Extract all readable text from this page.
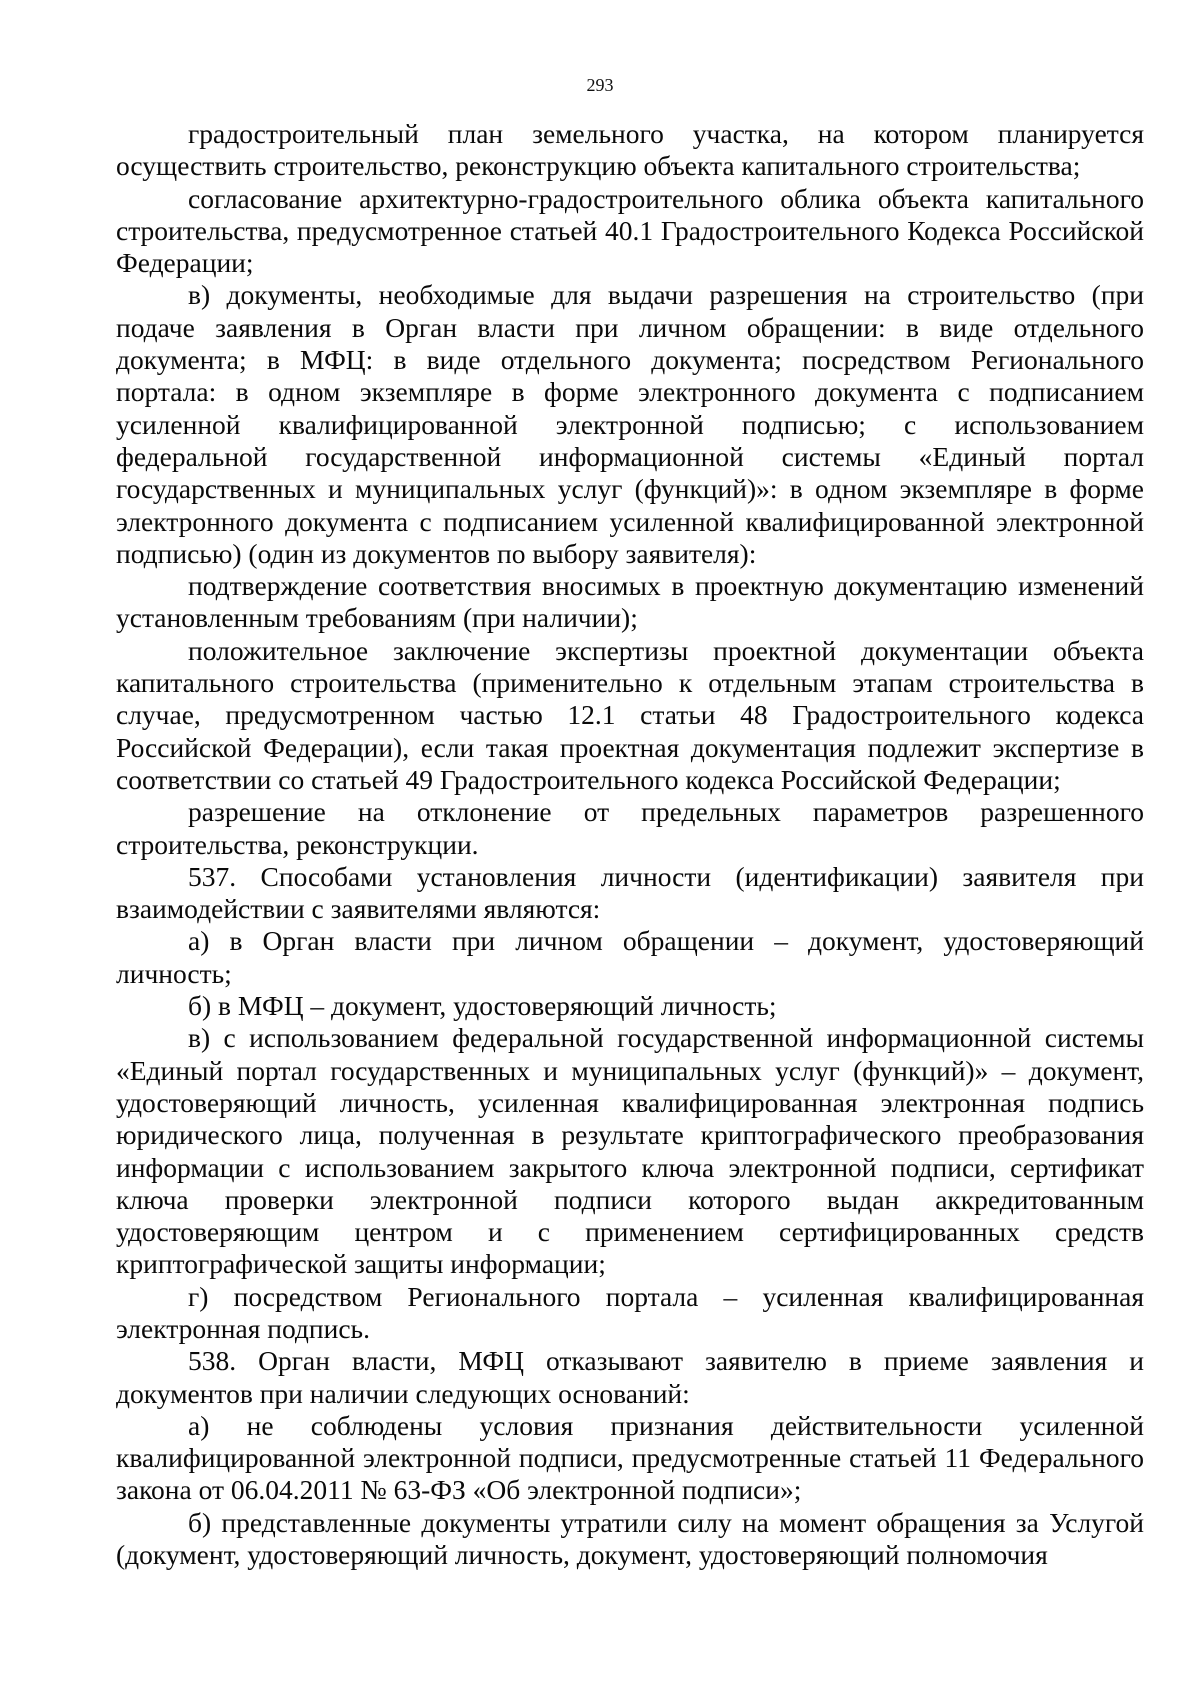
293

градостроительный план земельного участка, на котором планируется осуществить строительство, реконструкцию объекта капитального строительства;

согласование архитектурно-градостроительного облика объекта капитального строительства, предусмотренное статьей 40.1 Градостроительного Кодекса Российской Федерации;

в) документы, необходимые для выдачи разрешения на строительство (при подаче заявления в Орган власти при личном обращении: в виде отдельного документа; в МФЦ: в виде отдельного документа; посредством Регионального портала: в одном экземпляре в форме электронного документа с подписанием усиленной квалифицированной электронной подписью; с использованием федеральной государственной информационной системы «Единый портал государственных и муниципальных услуг (функций)»: в одном экземпляре в форме электронного документа с подписанием усиленной квалифицированной электронной подписью) (один из документов по выбору заявителя):

подтверждение соответствия вносимых в проектную документацию изменений установленным требованиям (при наличии);

положительное заключение экспертизы проектной документации объекта капитального строительства (применительно к отдельным этапам строительства в случае, предусмотренном частью 12.1 статьи 48 Градостроительного кодекса Российской Федерации), если такая проектная документация подлежит экспертизе в соответствии со статьей 49 Градостроительного кодекса Российской Федерации;

разрешение на отклонение от предельных параметров разрешенного строительства, реконструкции.

537. Способами установления личности (идентификации) заявителя при взаимодействии с заявителями являются:

а) в Орган власти при личном обращении – документ, удостоверяющий личность;

б) в МФЦ – документ, удостоверяющий личность;

в) с использованием федеральной государственной информационной системы «Единый портал государственных и муниципальных услуг (функций)» – документ, удостоверяющий личность, усиленная квалифицированная электронная подпись юридического лица, полученная в результате криптографического преобразования информации с использованием закрытого ключа электронной подписи, сертификат ключа проверки электронной подписи которого выдан аккредитованным удостоверяющим центром и с применением сертифицированных средств криптографической защиты информации;

г) посредством Регионального портала – усиленная квалифицированная электронная подпись.

538. Орган власти, МФЦ отказывают заявителю в приеме заявления и документов при наличии следующих оснований:

а) не соблюдены условия признания действительности усиленной квалифицированной электронной подписи, предусмотренные статьей 11 Федерального закона от 06.04.2011 № 63-ФЗ «Об электронной подписи»;

б) представленные документы утратили силу на момент обращения за Услугой (документ, удостоверяющий личность, документ, удостоверяющий полномочия
